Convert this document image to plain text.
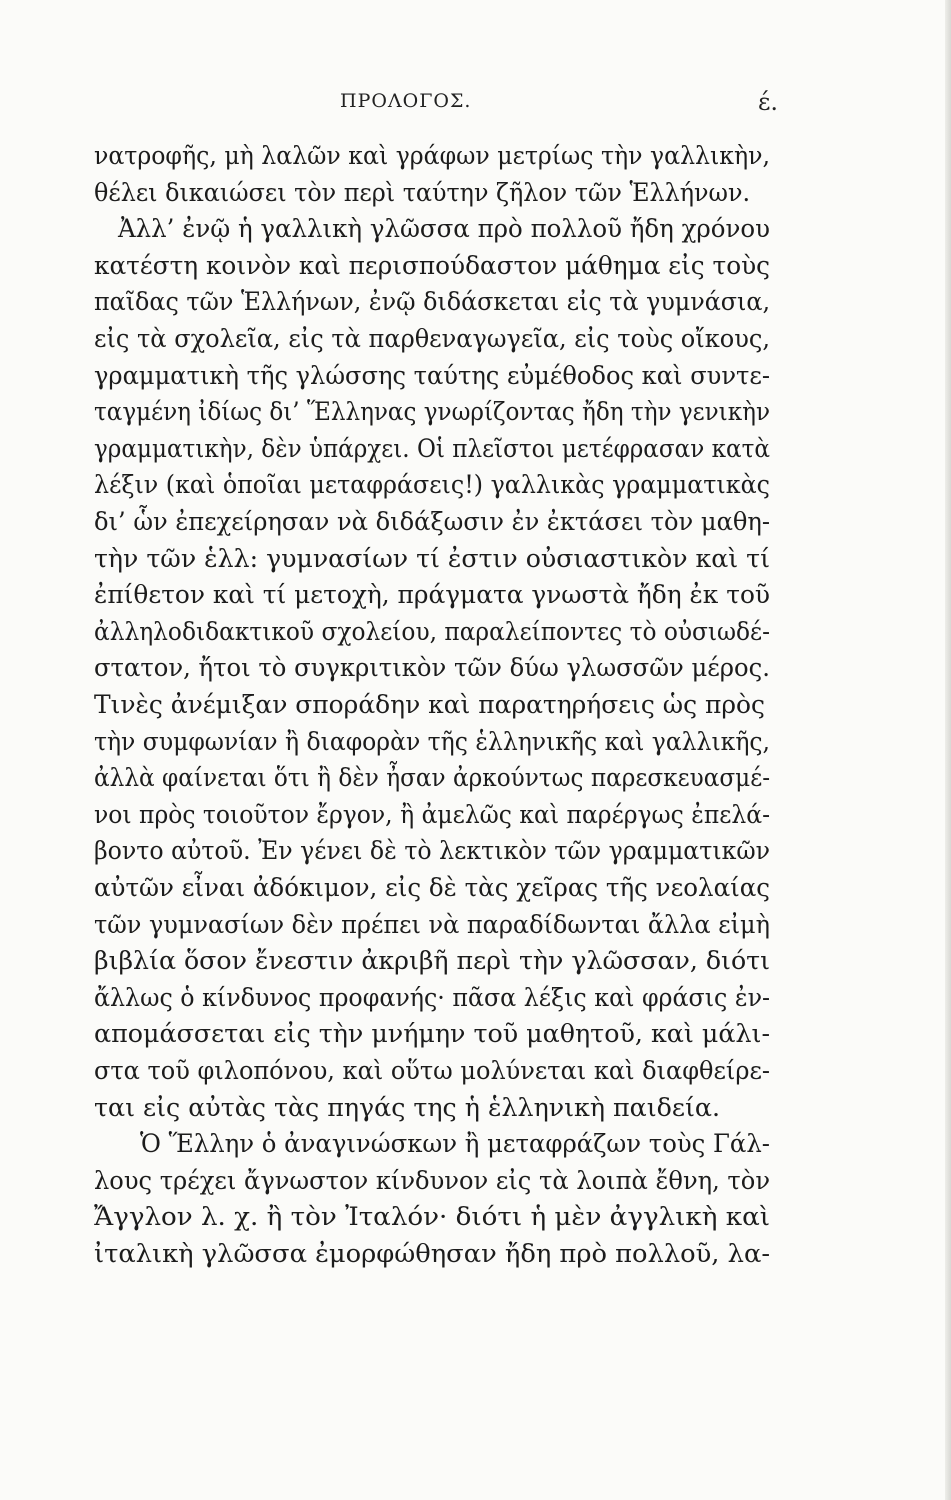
ΠΡΟΛΟΓΟΣ.	έ.
νατροφῆς, μὴ λαλῶν καὶ γράφων μετρίως τὴν γαλλικὴν,
θέλει δικαιώσει τὸν περὶ ταύτην ζῆλον τῶν Ἑλλήνων.
Ἀλλ’ ἐνῷ ἡ γαλλικὴ γλῶσσα πρὸ πολλοῦ ἤδη χρόνου
κατέστη κοινὸν καὶ περισπούδαστον μάθημα εἰς τοὺς
παῖδας τῶν Ἑλλήνων, ἐνῷ διδάσκεται εἰς τὰ γυμνάσια,
εἰς τὰ σχολεῖα, εἰς τὰ παρθεναγωγεῖα, εἰς τοὺς οἴκους,
γραμματικὴ τῆς γλώσσης ταύτης εὐμέθοδος καὶ συντε-
ταγμένη ἰδίως δι’ Ἕλληνας γνωρίζοντας ἤδη τὴν γενικὴν
γραμματικὴν, δὲν ὑπάρχει. Οἱ πλεῖστοι μετέφρασαν κατὰ
λέξιν (καὶ ὁποῖαι μεταφράσεις!) γαλλικὰς γραμματικὰς
δι’ ὧν ἐπεχείρησαν νὰ διδάξωσιν ἐν ἐκτάσει τὸν μαθη-
τὴν τῶν ἑλλ: γυμνασίων τί ἐστιν οὐσιαστικὸν καὶ τί
ἐπίθετον καὶ τί μετοχὴ, πράγματα γνωστὰ ἤδη ἐκ τοῦ
ἀλληλοδιδακτικοῦ σχολείου, παραλείποντες τὸ οὐσιωδέ-
στατον, ἤτοι τὸ συγκριτικὸν τῶν δύω γλωσσῶν μέρος.
Τινὲς ἀνέμιξαν σποράδην καὶ παρατηρήσεις ὡς πρὸς
τὴν συμφωνίαν ἢ διαφορὰν τῆς ἑλληνικῆς καὶ γαλλικῆς,
ἀλλὰ φαίνεται ὅτι ἢ δὲν ἦσαν ἀρκούντως παρεσκευασμέ-
νοι πρὸς τοιοῦτον ἔργον, ἢ ἀμελῶς καὶ παρέργως ἐπελά-
βοντο αὐτοῦ. Ἐν γένει δὲ τὸ λεκτικὸν τῶν γραμματικῶν
αὐτῶν εἶναι ἀδόκιμον, εἰς δὲ τὰς χεῖρας τῆς νεολαίας
τῶν γυμνασίων δὲν πρέπει νὰ παραδίδωνται ἄλλα εἰμὴ
βιβλία ὅσον ἔνεστιν ἀκριβῆ περὶ τὴν γλῶσσαν, διότι
ἄλλως ὁ κίνδυνος προφανής· πᾶσα λέξις καὶ φράσις ἐν-
απομάσσεται εἰς τὴν μνήμην τοῦ μαθητοῦ, καὶ μάλι-
στα τοῦ φιλοπόνου, καὶ οὕτω μολύνεται καὶ διαφθείρε-
ται εἰς αὐτὰς τὰς πηγάς της ἡ ἑλληνικὴ παιδεία.
Ὁ Ἕλλην ὁ ἀναγινώσκων ἢ μεταφράζων τοὺς Γάλ-
λους τρέχει ἄγνωστον κίνδυνον εἰς τὰ λοιπὰ ἔθνη, τὸν
Ἄγγλον λ. χ. ἢ τὸν Ἰταλόν· διότι ἡ μὲν ἀγγλικὴ καὶ
ἰταλικὴ γλῶσσα ἐμορφώθησαν ἤδη πρὸ πολλοῦ, λα-
